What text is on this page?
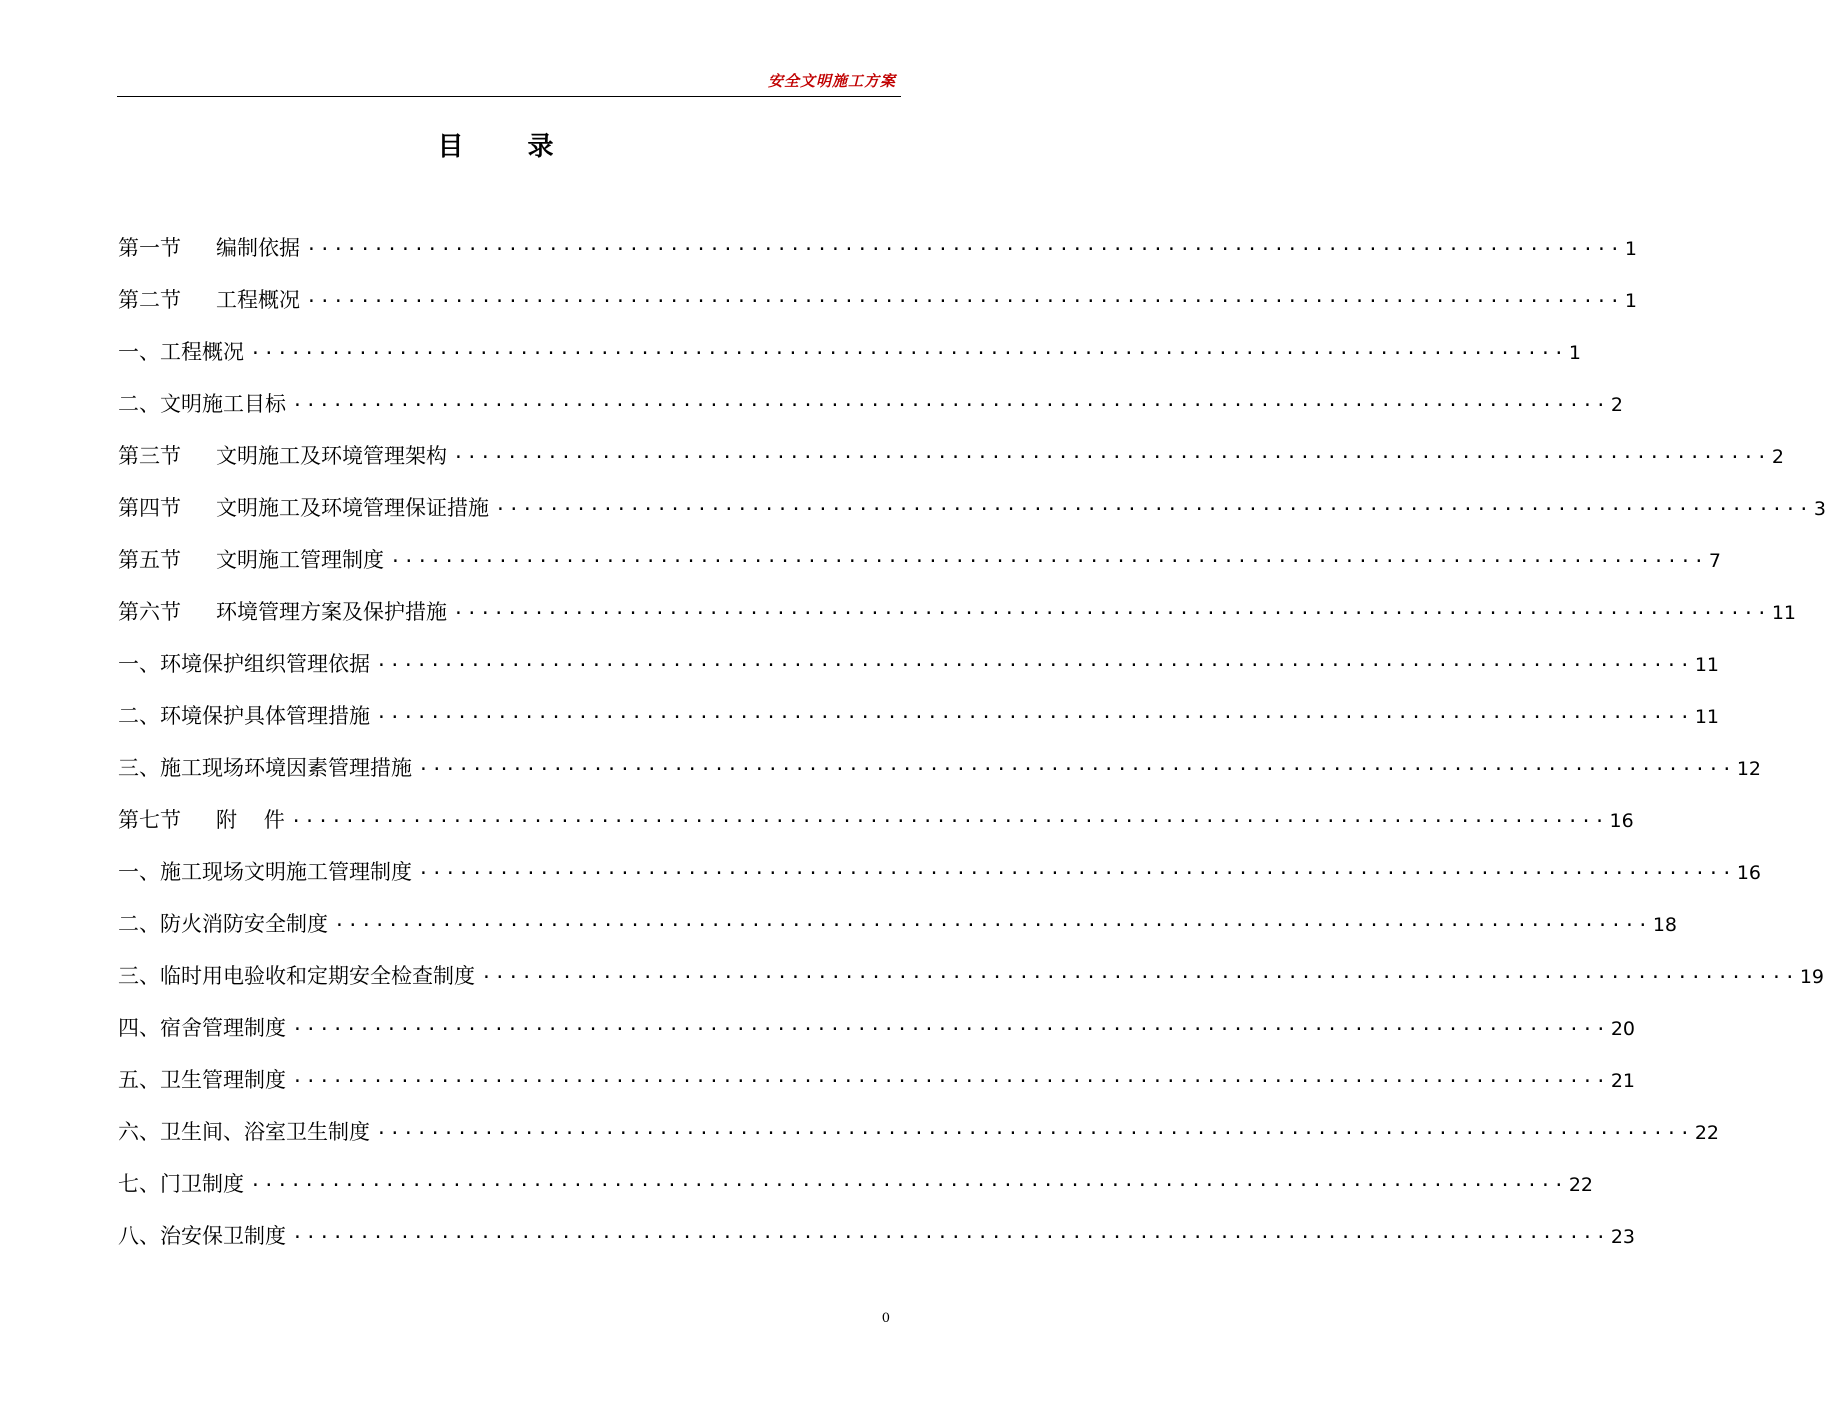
安全文明施工方案
目 录
第一节	编制依据 ·································································································· 1
第二节	工程概况 ·································································································· 1
一、工程概况 ·································································································· 1
二、文明施工目标 ·································································································· 2
第三节	文明施工及环境管理架构 ·································································································· 2
第四节	文明施工及环境管理保证措施 ·································································································· 3
第五节	文明施工管理制度 ·································································································· 7
第六节	环境管理方案及保护措施 ·································································································· 11
一、环境保护组织管理依据 ·································································································· 11
二、环境保护具体管理措施 ·································································································· 11
三、施工现场环境因素管理措施 ·································································································· 12
第七节	附    件 ·································································································· 16
一、施工现场文明施工管理制度 ·································································································· 16
二、防火消防安全制度 ·································································································· 18
三、临时用电验收和定期安全检查制度 ·································································································· 19
四、宿舍管理制度 ·································································································· 20
五、卫生管理制度 ·································································································· 21
六、卫生间、浴室卫生制度 ·································································································· 22
七、门卫制度 ·································································································· 22
八、治安保卫制度 ·································································································· 23
0
